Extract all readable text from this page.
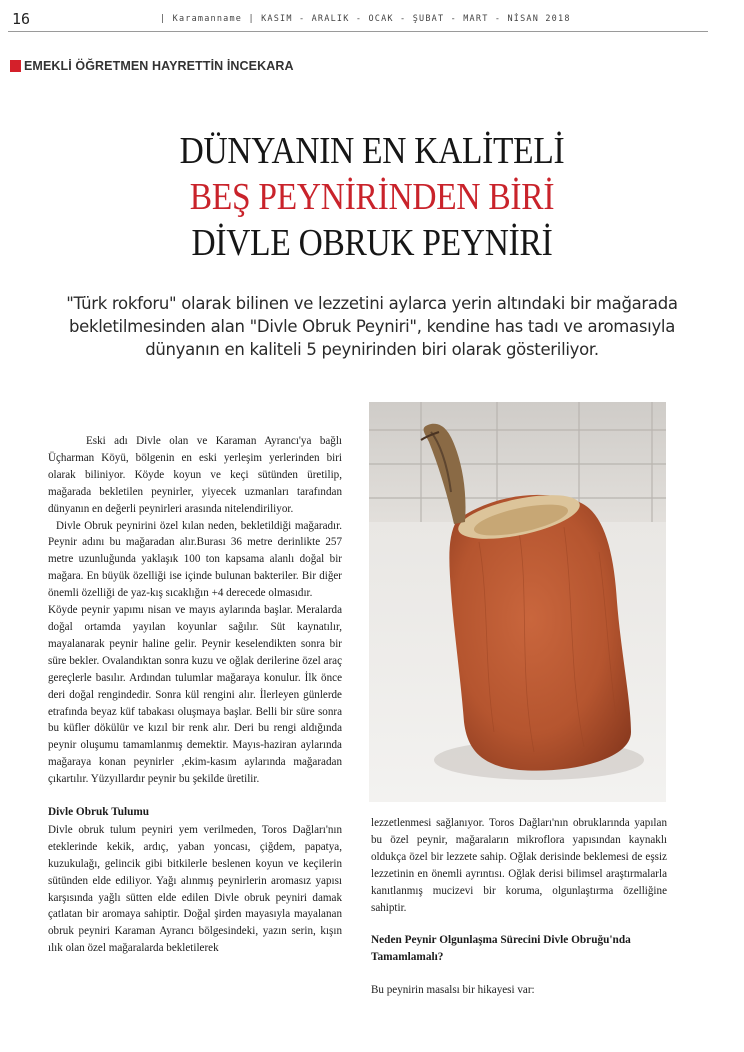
16	| Karamanname | KASIM - ARALIK - OCAK - ŞUBAT - MART - NİSAN 2018
EMEKLİ ÖĞRETMEN HAYRETTİN İNCEKARA
DÜNYANIN EN KALİTELİ
BEŞ PEYNİRİNDEN BİRİ
DİVLE OBRUK PEYNİRİ

"Türk rokforu" olarak bilinen ve lezzetini aylarca yerin altındaki bir mağarada

bekletilmesinden alan "Divle Obruk Peyniri", kendine has tadı ve aromasıyla

dünyanın en kaliteli 5 peynirinden biri olarak gösteriliyor.

Eski adı Divle olan ve Karaman Ayrancı'ya bağlı Üçharman Köyü, bölgenin en eski yerleşim yerlerinden biri olarak biliniyor. Köyde koyun ve keçi sütünden üretilip, mağarada bekletilen peynirler, yiyecek uzmanları tarafından dünyanın en değerli peynirleri arasında nitelendiriliyor.

Divle Obruk peynirini özel kılan neden, bekletildiği mağaradır. Peynir adını bu mağaradan alır.Burası 36 metre derinlikte 257 metre uzunluğunda yaklaşık 100 ton kapsama alanlı doğal bir mağara. En büyük özelliği ise içinde bulunan bakteriler. Bir diğer önemli özelliği de yaz-kış sıcaklığın +4 derecede olmasıdır.

Köyde peynir yapımı nisan ve mayıs aylarında başlar. Meralarda doğal ortamda yayılan koyunlar sağılır. Süt kaynatılır, mayalanarak peynir haline gelir. Peynir keselendikten sonra bir süre bekler. Ovalandıktan sonra kuzu ve oğlak derilerine özel araç gereçlerle basılır. Ardından tulumlar mağaraya konulur. İlk önce deri doğal rengindedir. Sonra kül rengini alır. İlerleyen günlerde etrafında beyaz küf tabakası oluşmaya başlar. Belli bir süre sonra bu küfler dökülür ve kızıl bir renk alır. Deri bu rengi aldığında peynir oluşumu tamamlanmış demektir. Mayıs-haziran aylarında mağaraya konan peynirler ,ekim-kasım aylarında mağaradan çıkartılır. Yüzyıllardır peynir bu şekilde üretilir.

Divle Obruk Tulumu

Divle obruk tulum peyniri yem verilmeden, Toros Dağları'nın eteklerinde kekik, ardıç, yaban yoncası, çiğdem, papatya, kuzukulağı, gelincik gibi bitkilerle beslenen koyun ve keçilerin sütünden elde ediliyor. Yağı alınmış peynirlerin aromasız yapısı karşısında yağlı sütten elde edilen Divle obruk peyniri damak çatlatan bir aromaya sahiptir. Doğal şirden mayasıyla mayalanan obruk peyniri Karaman Ayrancı bölgesindeki, yazın serin, kışın ılık olan özel mağaralarda bekletilerek

lezzetlenmesi sağlanıyor. Toros Dağları'nın obruklarında yapılan bu özel peynir, mağaraların mikroflora yapısından kaynaklı oldukça özel bir lezzete sahip. Oğlak derisinde beklemesi de eşsiz lezzetinin en önemli ayrıntısı. Oğlak derisi bilimsel araştırmalarla kanıtlanmış mucizevi bir koruma, olgunlaştırma özelliğine sahiptir.

Neden Peynir Olgunlaşma Sürecini Divle Obruğu'nda Tamamlamalı?

Bu peynirin masalsı bir hikayesi var:
